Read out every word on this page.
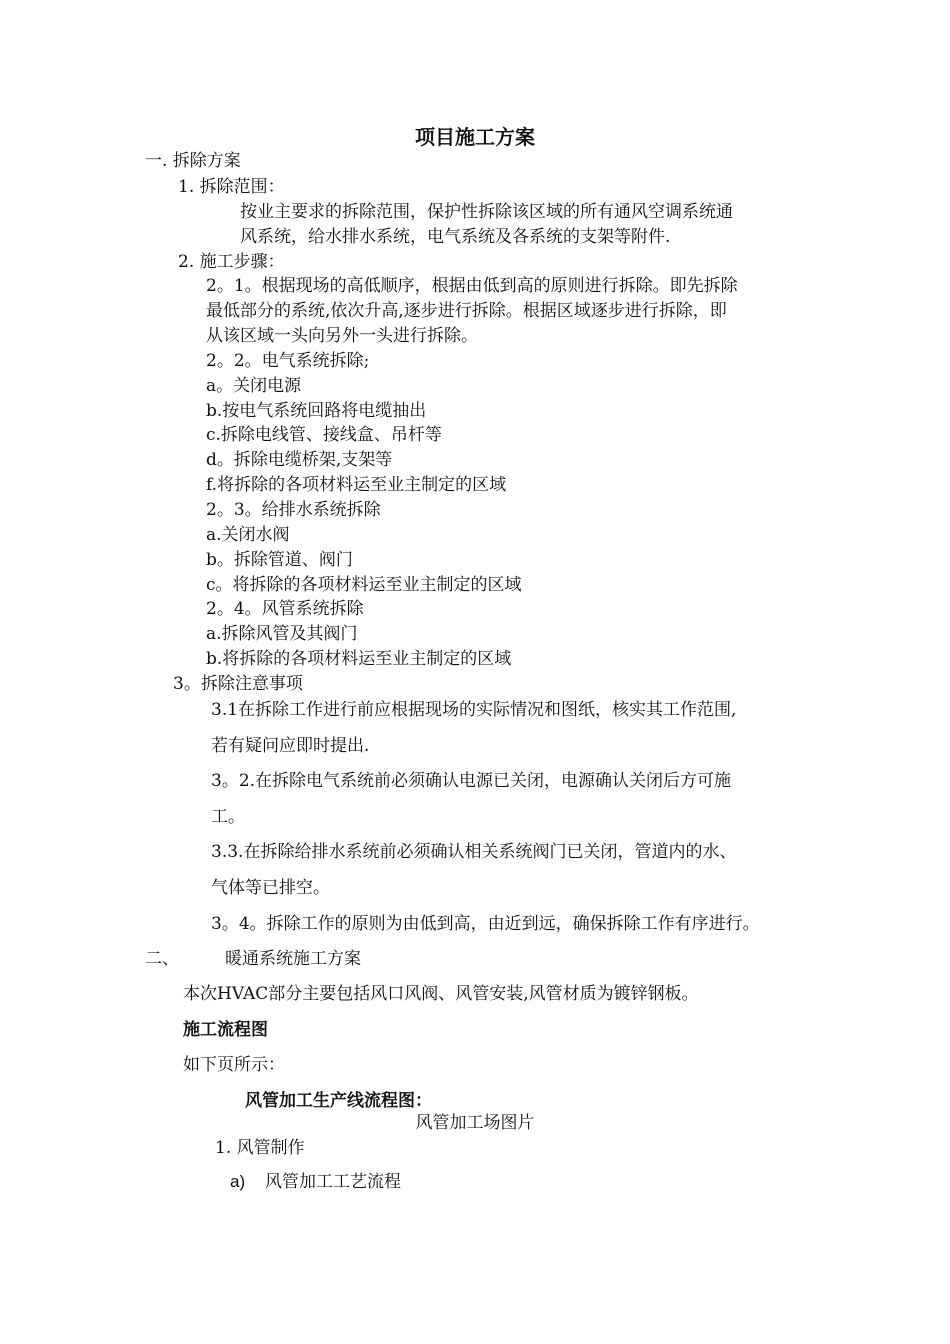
项目施工方案
一. 拆除方案
1. 拆除范围：
按业主要求的拆除范围，保护性拆除该区域的所有通风空调系统通
风系统，给水排水系统，电气系统及各系统的支架等附件.
2. 施工步骤：
2。1。根据现场的高低顺序，根据由低到高的原则进行拆除。即先拆除
最低部分的系统,依次升高,逐步进行拆除。根据区域逐步进行拆除，即
从该区域一头向另外一头进行拆除。
2。2。电气系统拆除;
a。关闭电源
b.按电气系统回路将电缆抽出
c.拆除电线管、接线盒、吊杆等
d。拆除电缆桥架,支架等
f.将拆除的各项材料运至业主制定的区域
2。3。给排水系统拆除
a.关闭水阀
b。拆除管道、阀门
c。将拆除的各项材料运至业主制定的区域
2。4。风管系统拆除
a.拆除风管及其阀门
b.将拆除的各项材料运至业主制定的区域
3。拆除注意事项
3.1在拆除工作进行前应根据现场的实际情况和图纸，核实其工作范围,
若有疑问应即时提出.
3。2.在拆除电气系统前必须确认电源已关闭，电源确认关闭后方可施
工。
3.3.在拆除给排水系统前必须确认相关系统阀门已关闭，管道内的水、
气体等已排空。
3。4。拆除工作的原则为由低到高，由近到远，确保拆除工作有序进行。
二、	暖通系统施工方案
本次HVAC部分主要包括风口风阀、风管安装,风管材质为镀锌钢板。
施工流程图
如下页所示：
风管加工生产线流程图：
风管加工场图片
1. 风管制作
a) 风管加工工艺流程
